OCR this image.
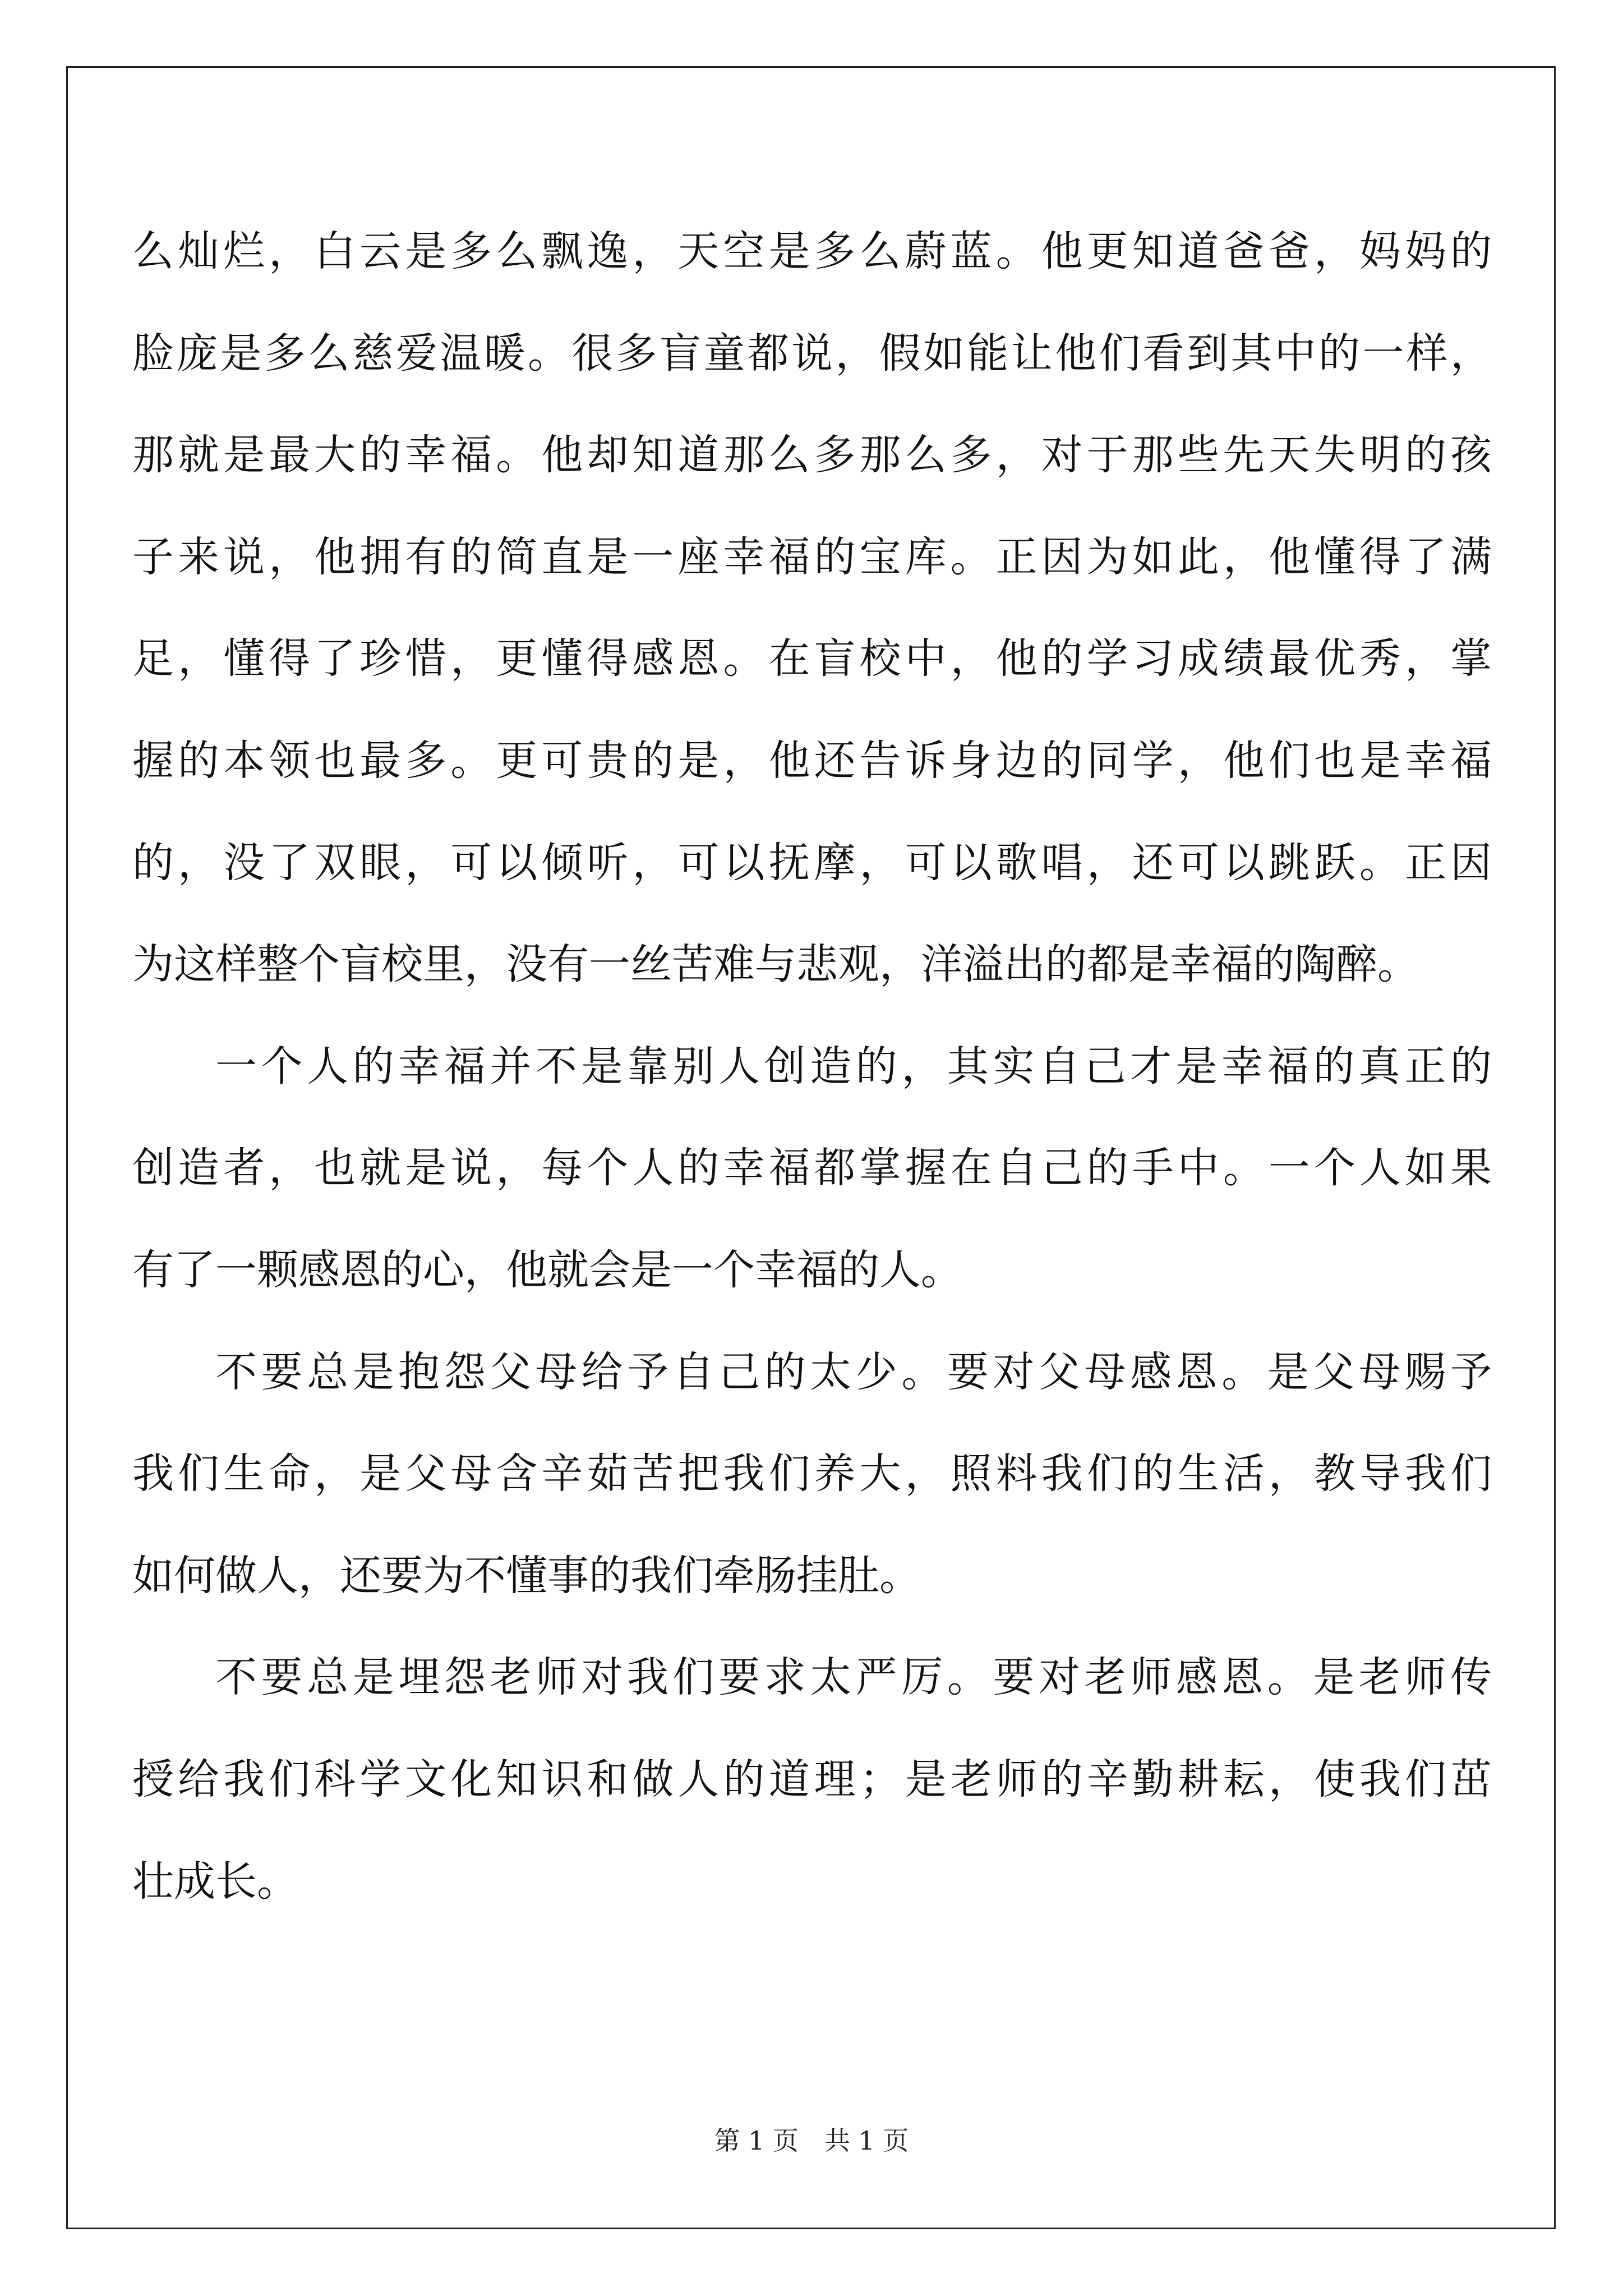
么灿烂，白云是多么飘逸，天空是多么蔚蓝。他更知道爸爸，妈妈的
脸庞是多么慈爱温暖。很多盲童都说，假如能让他们看到其中的一样，
那就是最大的幸福。他却知道那么多那么多，对于那些先天失明的孩
子来说，他拥有的简直是一座幸福的宝库。正因为如此，他懂得了满
足，懂得了珍惜，更懂得感恩。在盲校中，他的学习成绩最优秀，掌
握的本领也最多。更可贵的是，他还告诉身边的同学，他们也是幸福
的，没了双眼，可以倾听，可以抚摩，可以歌唱，还可以跳跃。正因
为这样整个盲校里，没有一丝苦难与悲观，洋溢出的都是幸福的陶醉。
一个人的幸福并不是靠别人创造的，其实自己才是幸福的真正的
创造者，也就是说，每个人的幸福都掌握在自己的手中。一个人如果
有了一颗感恩的心，他就会是一个幸福的人。
不要总是抱怨父母给予自己的太少。要对父母感恩。是父母赐予
我们生命，是父母含辛茹苦把我们养大，照料我们的生活，教导我们
如何做人，还要为不懂事的我们牵肠挂肚。
不要总是埋怨老师对我们要求太严厉。要对老师感恩。是老师传
授给我们科学文化知识和做人的道理；是老师的辛勤耕耘，使我们茁
壮成长。
第 1 页　共 1 页
